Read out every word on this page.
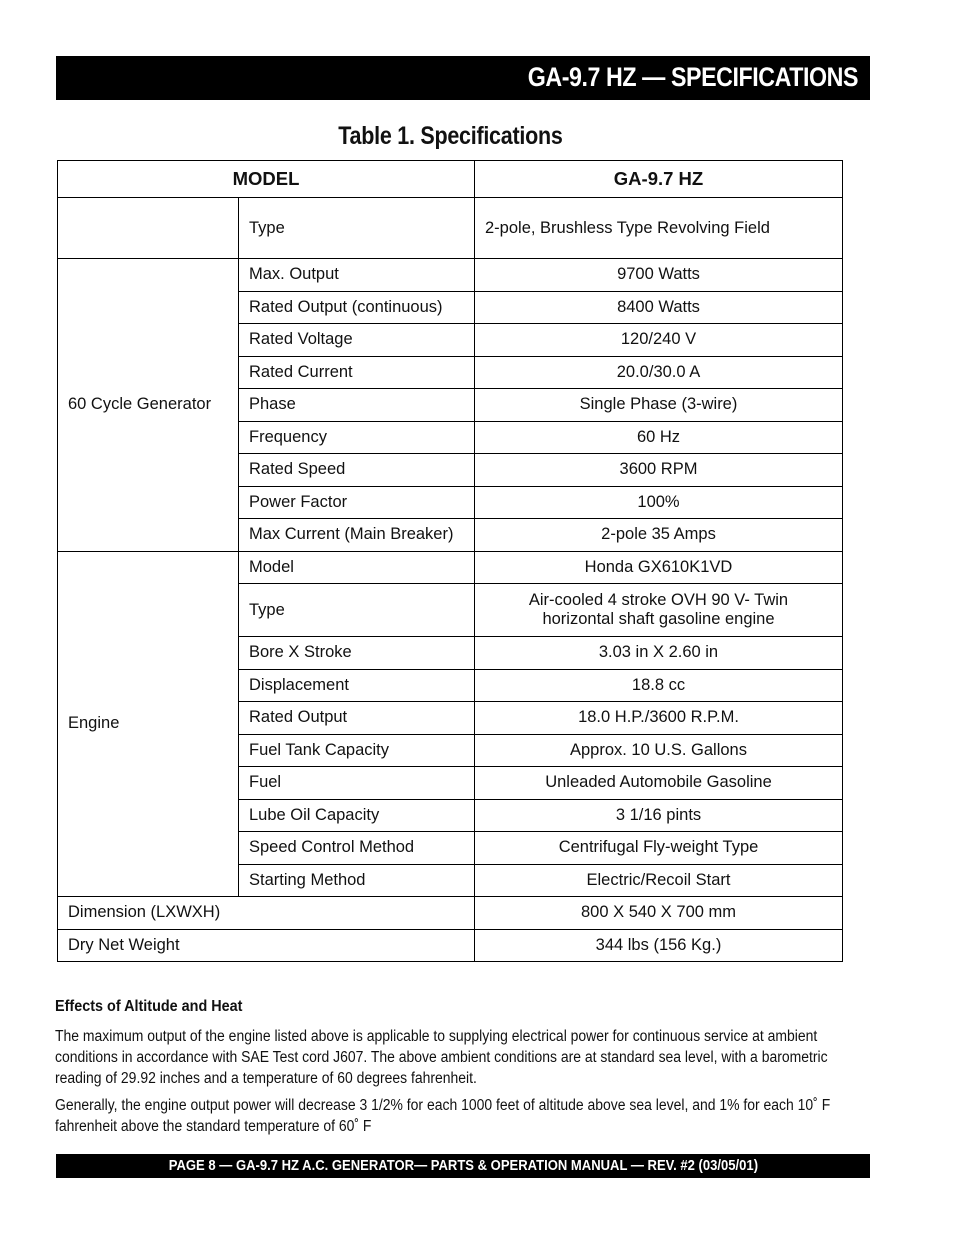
GA-9.7 HZ — SPECIFICATIONS
Table 1. Specifications
MODEL		GA-9.7 HZ
	Type	2-pole, Brushless Type Revolving Field
60 Cycle Generator	Max. Output	9700 Watts
	Rated Output (continuous)	8400 Watts
	Rated Voltage	120/240 V
	Rated Current	20.0/30.0 A
	Phase	Single Phase (3-wire)
	Frequency	60 Hz
	Rated Speed	3600 RPM
	Power Factor	100%
	Max Current (Main Breaker)	2-pole 35 Amps
Engine	Model	Honda GX610K1VD
	Type	Air-cooled 4 stroke OVH 90 V- Twin
horizontal shaft gasoline engine

	Bore X Stroke	3.03 in X 2.60 in
	Displacement	18.8 cc
	Rated Output	18.0 H.P./3600 R.P.M.
	Fuel Tank Capacity	Approx. 10 U.S. Gallons
	Fuel	Unleaded Automobile Gasoline
	Lube Oil Capacity	3 1/16 pints
	Speed Control Method	Centrifugal Fly-weight Type
	Starting Method	Electric/Recoil Start
Dimension (LXWXH)		800 X 540 X 700 mm
Dry Net Weight		344 lbs (156 Kg.)
Effects of Altitude and Heat
The maximum output of the engine listed above is applicable to supplying electrical power for continuous service at ambient conditions in accordance with SAE Test cord J607. The above ambient conditions are at standard sea level, with a barometric reading of 29.92 inches and a temperature of 60 degrees fahrenheit.
Generally, the engine output power will decrease 3 1/2% for each 1000 feet of altitude above sea level, and 1% for each 10˚ F fahrenheit above the standard temperature of 60˚ F
PAGE 8 — GA-9.7 HZ A.C. GENERATOR— PARTS & OPERATION MANUAL — REV. #2 (03/05/01)
